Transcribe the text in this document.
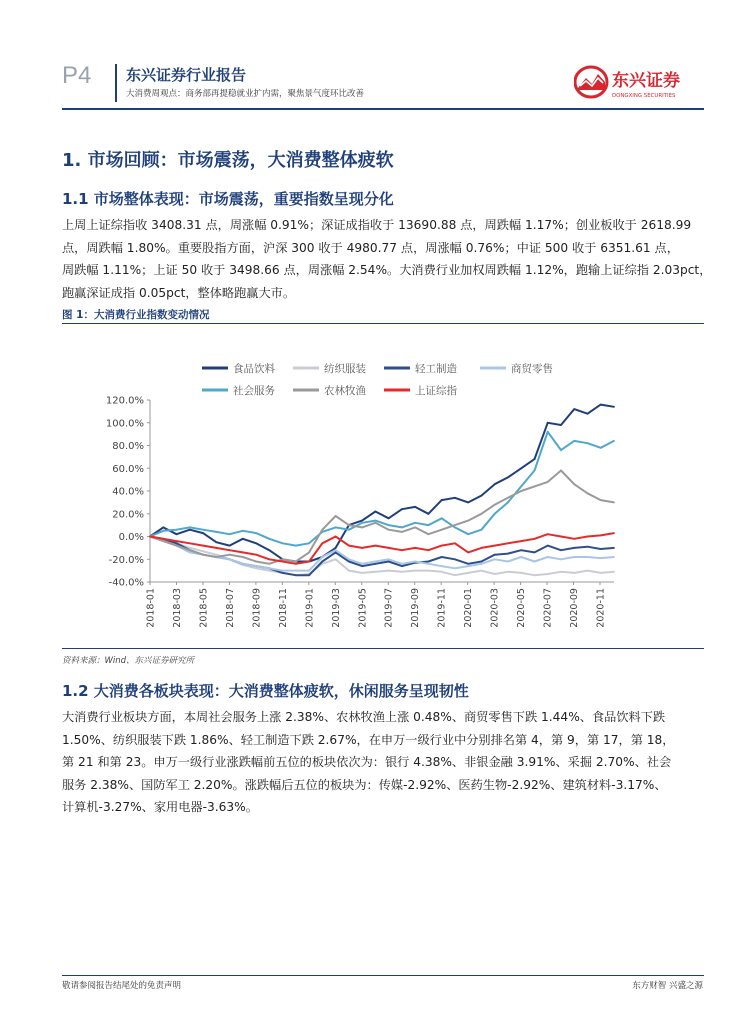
P4 东兴证券行业报告
大消费周观点：商务部再提稳就业扩内需，聚焦景气度环比改善
东兴证券
DONGXING SECURITIES
1. 市场回顾：市场震荡，大消费整体疲软
1.1 市场整体表现：市场震荡，重要指数呈现分化
上周上证综指收 3408.31 点，周涨幅 0.91%；深证成指收于 13690.88 点，周跌幅 1.17%；创业板收于 2618.99
点，周跌幅 1.80%。重要股指方面，沪深 300 收于 4980.77 点，周涨幅 0.76%；中证 500 收于 6351.61 点，
周跌幅 1.11%；上证 50 收于 3498.66 点，周涨幅 2.54%。大消费行业加权周跌幅 1.12%，跑输上证综指 2.03pct，
跑赢深证成指 0.05pct，整体略跑赢大市。
图 1：大消费行业指数变动情况
120.0%
100.0%
80.0%
60.0%
40.0%
20.0%
0.0%
-20.0%
-40.0%
2018-01 2018-03 2018-05 2018-07 2018-09 2018-11 2019-01 2019-03 2019-05 2019-07 2019-09 2019-11 2020-01 2020-03 2020-05 2020-07 2020-09 2020-11
食品饮料	纺织服装	轻工制造	商贸零售
社会服务	农林牧渔	上证综指
资料来源：Wind、东兴证券研究所
1.2 大消费各板块表现：大消费整体疲软，休闲服务呈现韧性
大消费行业板块方面，本周社会服务上涨 2.38%、农林牧渔上涨 0.48%、商贸零售下跌 1.44%、食品饮料下跌
1.50%、纺织服装下跌 1.86%、轻工制造下跌 2.67%，在申万一级行业中分别排名第 4，第 9，第 17，第 18，
第 21 和第 23。申万一级行业涨跌幅前五位的板块依次为：银行 4.38%、非银金融 3.91%、采掘 2.70%、社会
服务 2.38%、国防军工 2.20%。涨跌幅后五位的板块为：传媒-2.92%、医药生物-2.92%、建筑材料-3.17%、
计算机-3.27%、家用电器-3.63%。
敬请参阅报告结尾处的免责声明	东方财智 兴盛之源
